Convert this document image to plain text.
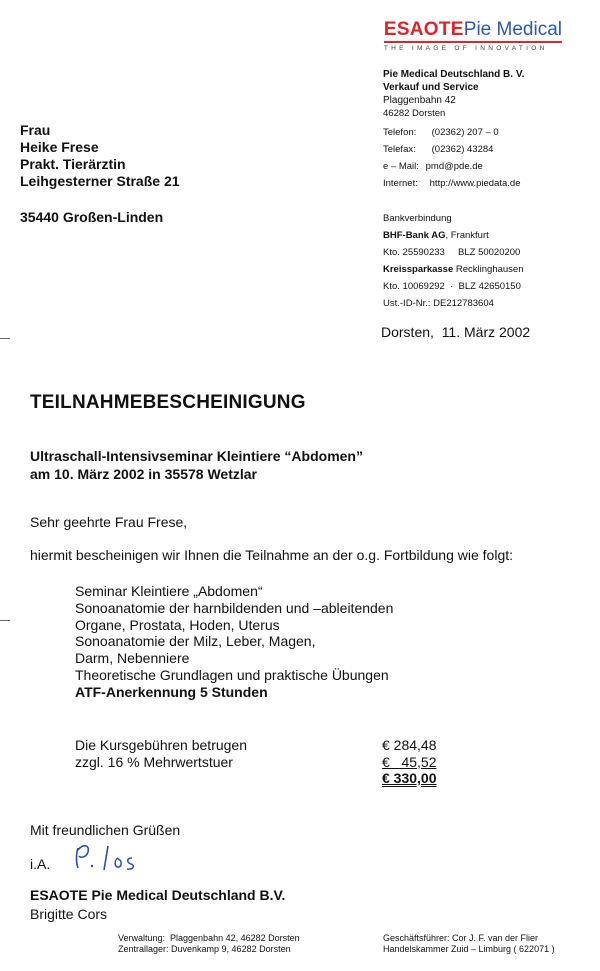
ESAOTEPie Medical
THE IMAGE OF INNOVATION
Pie Medical Deutschland B. V.
Verkauf und Service
Plaggenbahn 42
46282 Dorsten
Telefon: (02362) 207 – 0
Telefax: (02362) 43284
e – Mail: pmd@pde.de
Internet: http://www.piedata.de
Bankverbindung
BHF-Bank AG, Frankfurt
Kto. 25590233     BLZ 50020200
Kreissparkasse Recklinghausen
Kto. 10069292  ·  BLZ 42650150
Ust.-ID-Nr.: DE212783604
Frau
Heike Frese
Prakt. Tierärztin
Leihgesterner Straße 21
35440 Großen-Linden
Dorsten,  11. März 2002
TEILNAHMEBESCHEINIGUNG
Ultraschall-Intensivseminar Kleintiere “Abdomen”
am 10. März 2002 in 35578 Wetzlar
Sehr geehrte Frau Frese,
hiermit bescheinigen wir Ihnen die Teilnahme an der o.g. Fortbildung wie folgt:
Seminar Kleintiere „Abdomen“
Sonoanatomie der harnbildenden und –ableitenden
Organe, Prostata, Hoden, Uterus
Sonoanatomie der Milz, Leber, Magen,
Darm, Nebenniere
Theoretische Grundlagen und praktische Übungen
ATF-Anerkennung 5 Stunden
Die Kursgebühren betrugen
zzgl. 16 % Mehrwertstuer
€ 284,48
€   45,52
€ 330,00
Mit freundlichen Grüßen
i.A.
ESAOTE Pie Medical Deutschland B.V.
Brigitte Cors
Verwaltung:  Plaggenbahn 42, 46282 Dorsten
Zentrallager: Duvenkamp 9, 46282 Dorsten
Geschäftsführer: Cor J. F. van der Flier
Handelskammer Zuid – Limburg ( 622071 )
